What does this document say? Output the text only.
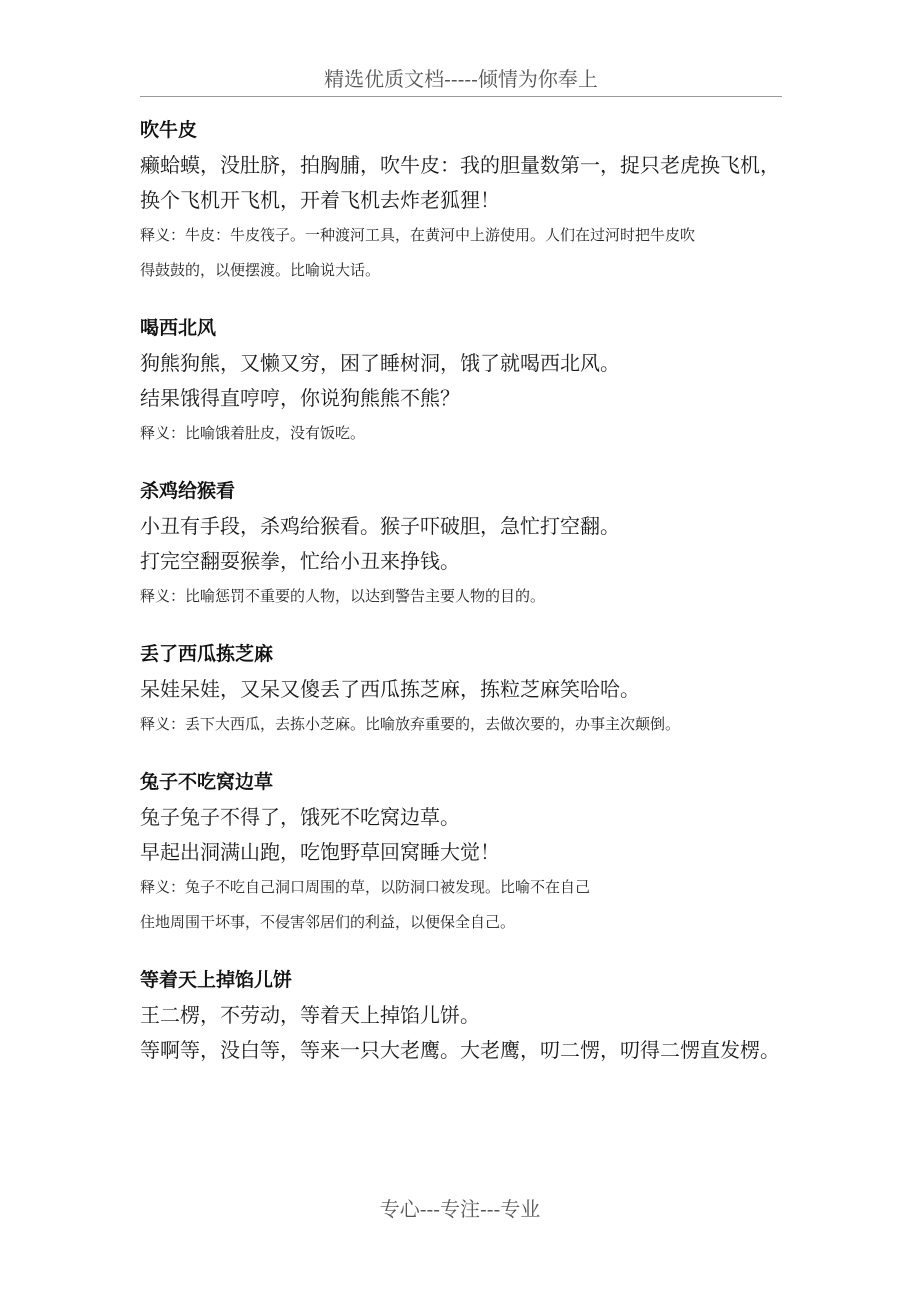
精选优质文档-----倾情为你奉上
吹牛皮
癞蛤蟆，没肚脐，拍胸脯，吹牛皮：我的胆量数第一，捉只老虎换飞机，
换个飞机开飞机，开着飞机去炸老狐狸！
释义：牛皮：牛皮筏子。一种渡河工具，在黄河中上游使用。人们在过河时把牛皮吹
得鼓鼓的，以便摆渡。比喻说大话。
喝西北风
狗熊狗熊，又懒又穷，困了睡树洞，饿了就喝西北风。
结果饿得直哼哼，你说狗熊熊不熊？
释义：比喻饿着肚皮，没有饭吃。
杀鸡给猴看
小丑有手段，杀鸡给猴看。猴子吓破胆，急忙打空翻。
打完空翻耍猴拳，忙给小丑来挣钱。
释义：比喻惩罚不重要的人物，以达到警告主要人物的目的。
丢了西瓜拣芝麻
呆娃呆娃，又呆又傻丢了西瓜拣芝麻，拣粒芝麻笑哈哈。
释义：丢下大西瓜，去拣小芝麻。比喻放弃重要的，去做次要的，办事主次颠倒。
兔子不吃窝边草
兔子兔子不得了，饿死不吃窝边草。
早起出洞满山跑，吃饱野草回窝睡大觉！
释义：兔子不吃自己洞口周围的草，以防洞口被发现。比喻不在自己
住地周围干坏事，不侵害邻居们的利益，以便保全自己。
等着天上掉馅儿饼
王二楞，不劳动，等着天上掉馅儿饼。
等啊等，没白等，等来一只大老鹰。大老鹰，叨二愣，叨得二愣直发楞。
专心---专注---专业
